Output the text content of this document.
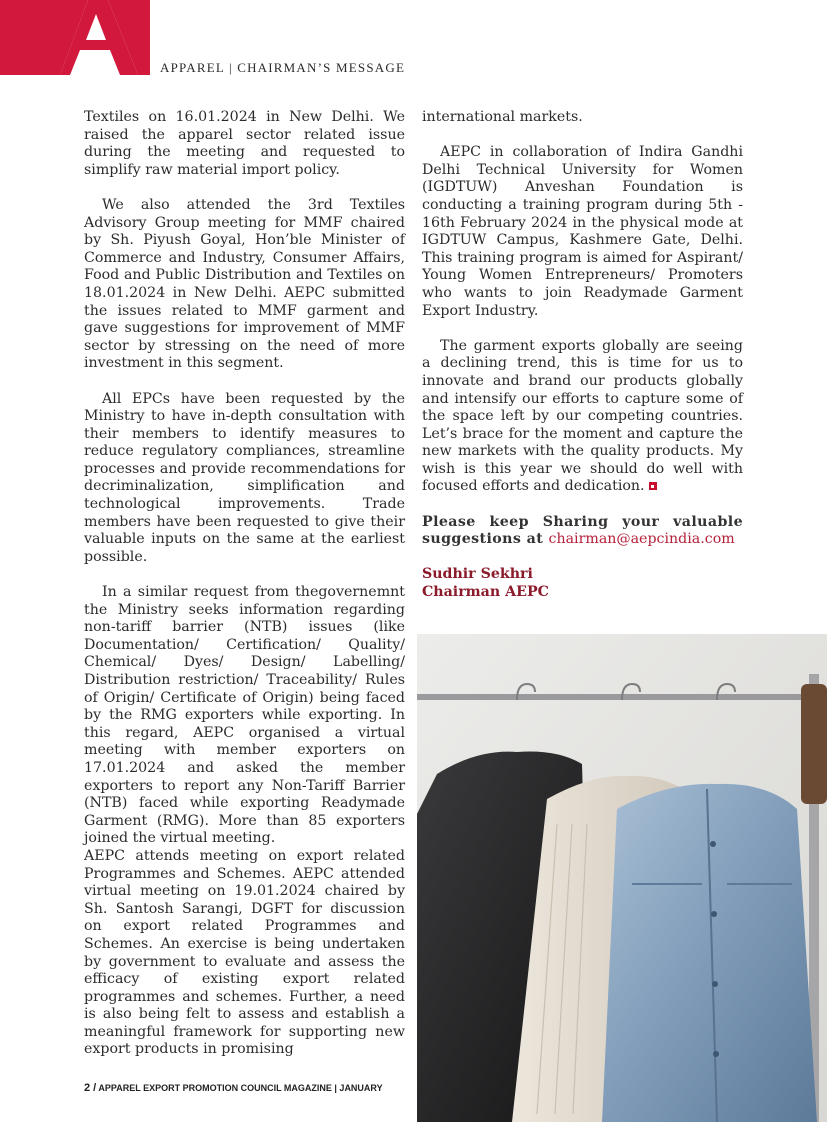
APPAREL | CHAIRMAN’S MESSAGE

Textiles on 16.01.2024 in New Delhi. We raised the apparel sector related issue during the meeting and requested to simplify raw material import policy.

We also attended the 3rd Textiles Advisory Group meeting for MMF chaired by Sh. Piyush Goyal, Hon’ble Minister of Commerce and Industry, Consumer Affairs, Food and Public Distribution and Textiles on 18.01.2024 in New Delhi. AEPC submitted the issues related to MMF garment and gave suggestions for improvement of MMF sector by stressing on the need of more investment in this segment.

All EPCs have been requested by the Ministry to have in-depth consultation with their members to identify measures to reduce regulatory compliances, streamline processes and provide recommendations for decriminalization, simplification and technological improvements. Trade members have been requested to give their valuable inputs on the same at the earliest possible.

In a similar request from thegovernemnt the Ministry seeks information regarding non-tariff barrier (NTB) issues (like Documentation/ Certification/ Quality/ Chemical/ Dyes/ Design/ Labelling/ Distribution restriction/ Traceability/ Rules of Origin/ Certificate of Origin) being faced by the RMG exporters while exporting. In this regard, AEPC organised a virtual meeting with member exporters on 17.01.2024 and asked the member exporters to report any Non-Tariff Barrier (NTB) faced while exporting Readymade Garment (RMG). More than 85 exporters joined the virtual meeting.

AEPC attends meeting on export related Programmes and Schemes. AEPC attended virtual meeting on 19.01.2024 chaired by Sh. Santosh Sarangi, DGFT for discussion on export related Programmes and Schemes. An exercise is being undertaken by government to evaluate and assess the efficacy of existing export related programmes and schemes. Further, a need is also being felt to assess and establish a meaningful framework for supporting new export products in promising

international markets.

AEPC in collaboration of Indira Gandhi Delhi Technical University for Women (IGDTUW) Anveshan Foundation is conducting a training program during 5th - 16th February 2024 in the physical mode at IGDTUW Campus, Kashmere Gate, Delhi. This training program is aimed for Aspirant/ Young Women Entrepreneurs/ Promoters who wants to join Readymade Garment Export Industry.

The garment exports globally are seeing a declining trend, this is time for us to innovate and brand our products globally and intensify our efforts to capture some of the space left by our competing countries. Let’s brace for the moment and capture the new markets with the quality products. My wish is this year we should do well with focused efforts and dedication.

Please keep Sharing your valuable suggestions at chairman@aepcindia.com

Sudhir Sekhri
Chairman AEPC

2 / APPAREL EXPORT PROMOTION COUNCIL MAGAZINE | JANUARY
